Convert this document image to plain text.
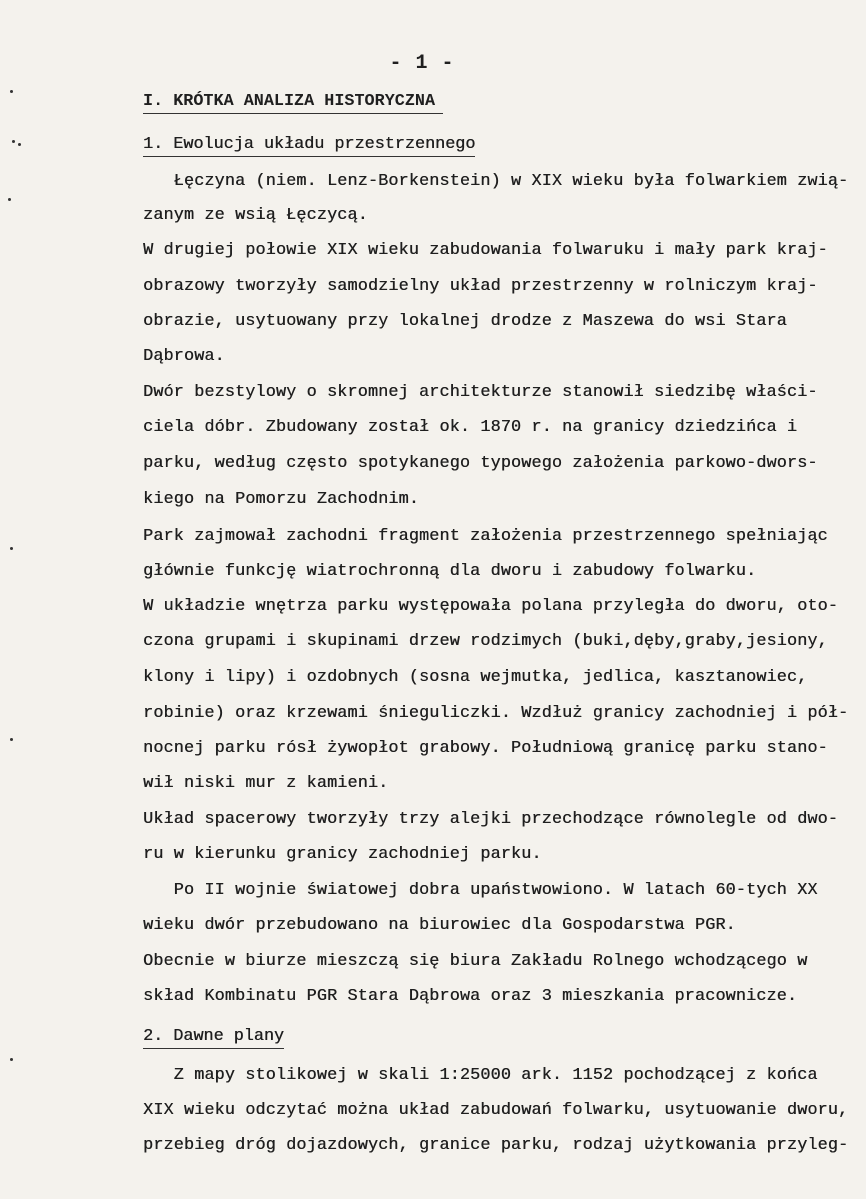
- 1 -
I. KRÓTKA ANALIZA HISTORYCZNA
1. Ewolucja układu przestrzennego
Łęczyna (niem. Lenz-Borkenstein) w XIX wieku była folwarkiem zwią-
zanym ze wsią Łęczycą.
W drugiej połowie XIX wieku zabudowania folwaruku i mały park kraj-
obrazowy tworzyły samodzielny układ przestrzenny w rolniczym kraj-
obrazie, usytuowany przy lokalnej drodze z Maszewa do wsi Stara
Dąbrowa.
Dwór bezstylowy o skromnej architekturze stanowił siedzibę właści-
ciela dóbr. Zbudowany został ok. 1870 r. na granicy dziedzińca i
parku, według często spotykanego typowego założenia parkowo-dwors-
kiego na Pomorzu Zachodnim.
Park zajmował zachodni fragment założenia przestrzennego spełniając
głównie funkcję wiatrochronną dla dworu i zabudowy folwarku.
W układzie wnętrza parku występowała polana przyległa do dworu, oto-
czona grupami i skupinami drzew rodzimych (buki,dęby,graby,jesiony,
klony i lipy) i ozdobnych (sosna wejmutka, jedlica, kasztanowiec,
robinie) oraz krzewami śnieguliczki. Wzdłuż granicy zachodniej i pół-
nocnej parku rósł żywopłot grabowy. Południową granicę parku stano-
wił niski mur z kamieni.
Układ spacerowy tworzyły trzy alejki przechodzące równolegle od dwo-
ru w kierunku granicy zachodniej parku.
Po II wojnie światowej dobra upaństwowiono. W latach 60-tych XX
wieku dwór przebudowano na biurowiec dla Gospodarstwa PGR.
Obecnie w biurze mieszczą się biura Zakładu Rolnego wchodzącego w
skład Kombinatu PGR Stara Dąbrowa oraz 3 mieszkania pracownicze.
2. Dawne plany
Z mapy stolikowej w skali 1:25000 ark. 1152 pochodzącej z końca
XIX wieku odczytać można układ zabudowań folwarku, usytuowanie dworu,
przebieg dróg dojazdowych, granice parku, rodzaj użytkowania przyleg-
